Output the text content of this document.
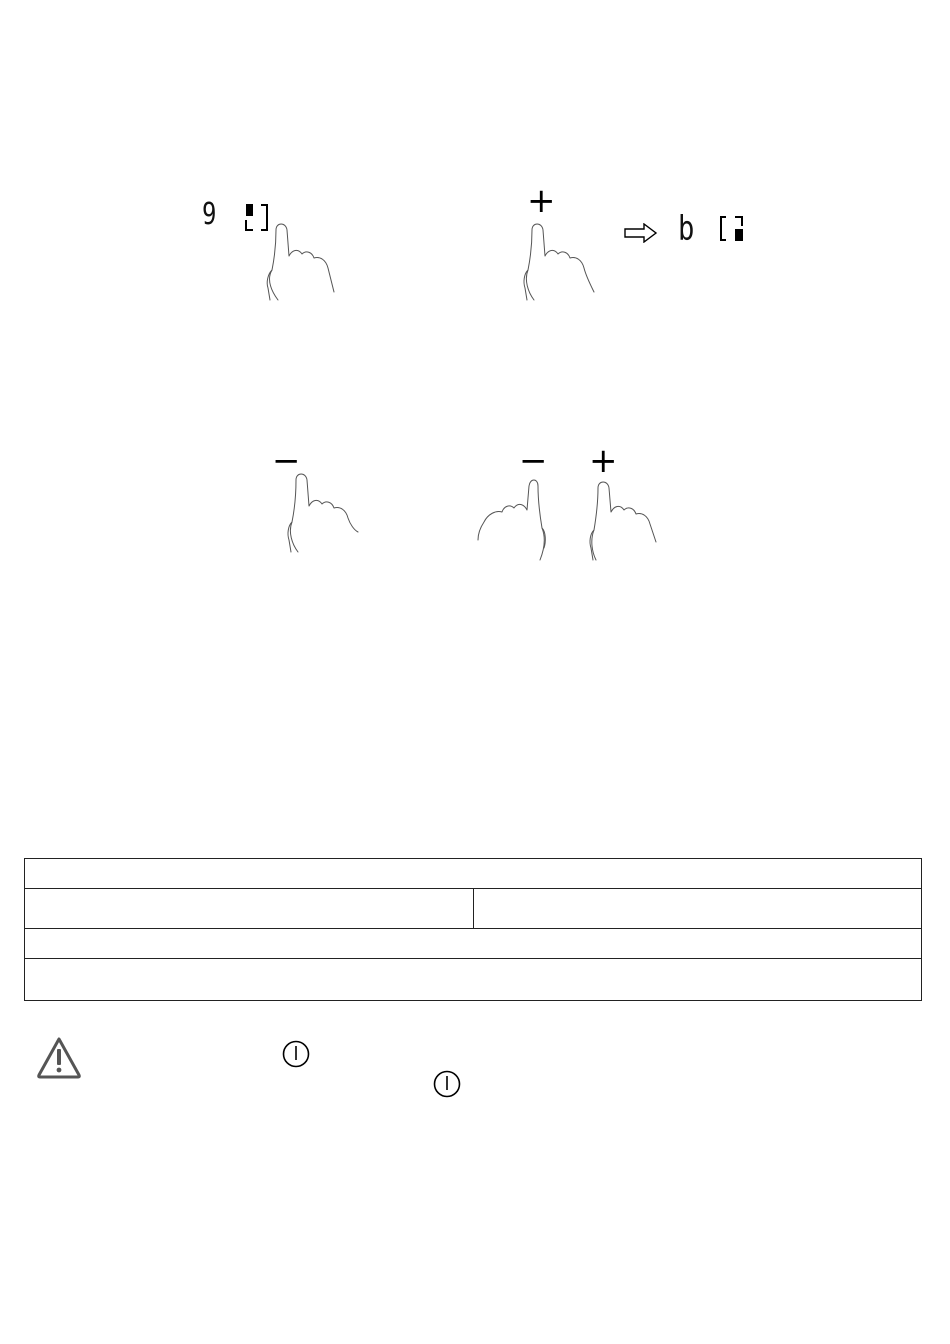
9	+
b
−	− +
